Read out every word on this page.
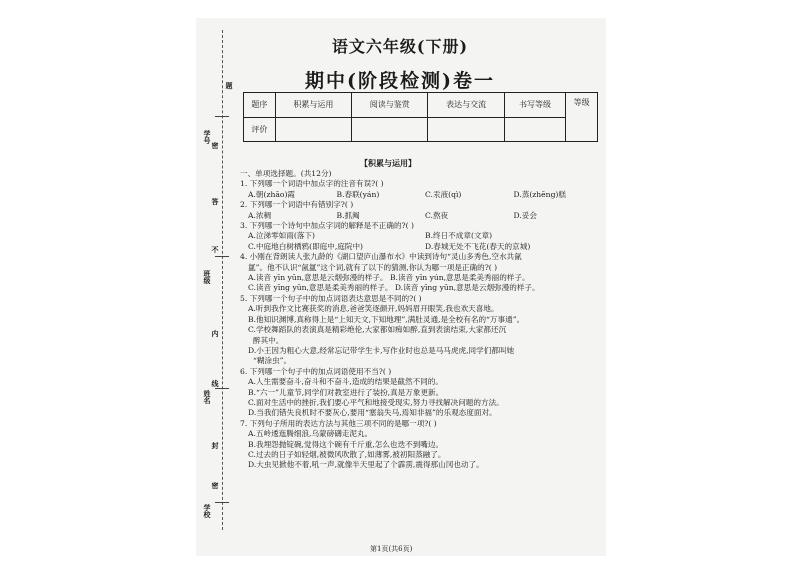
学号
班级
姓名
学校
题
密
答
不
内
线
封
密
语文六年级(下册)
期中(阶段检测)卷一
题序	积累与运用	阅读与鉴赏	表达与交流	书写等级	等级
评价					
【积累与运用】

一、单项选择题。(共12分)

1. 下列哪一个词语中加点字的注音有误?( )

A.朝(zhāo)霞	B.春联(yán)	C.汞液(qì)	D.蒸(zhēng)糕

2. 下列哪一个词语中有错别字?( )

A.浓稠	B.抓阄	C.熬夜	D.妥会

3. 下列哪一个诗句中加点字词的解释是不正确的?( )

A.泣涕零如雨(落下)	B.终日不成章(文章)

C.中庭地白树栖鸦(即庭中,庭院中)	D.春城无处不飞花(春天的京城)

4. 小刚在背朗读人张九龄的《湖口望庐山瀑布水》中读到诗句“灵山多秀色,空水共氤

氲”。他不认识“氤氲”这个词,就有了以下的猜测,你认为哪一项是正确的?( )

A.读音 yīn yūn,意思是云烟弥漫的样子。 B.读音 yīn yún,意思是柔美秀丽的样子。

C.读音 yīng yūn,意思是柔美秀丽的样子。 D.读音 yīng yūn,意思是云烟弥漫的样子。

5. 下列哪一个句子中的加点词语表达意思是不同的?( )

A.听到我作文比赛获奖的消息,爸爸笑逐颜开,妈妈眉开眼笑,我也欢天喜地。

B.他知识渊博,真称得上是“上知天文,下知地理”,满肚灵通,是全校有名的“万事通”。

C.学校舞蹈队的表演真是精彩绝伦,大家都如痴如醉,直到表演结束,大家都还沉

醉其中。

D.小王因为粗心大意,经常忘记带学生卡,写作业时也总是马马虎虎,同学们都叫她

“糊涂虫”。

6. 下列哪一个句子中的加点词语使用不当?( )

A.人生需要奋斗,奋斗和不奋斗,造成的结果是截然不同的。

B.“六一”儿童节,同学们对教室进行了装扮,真是万象更新。

C.面对生活中的挫折,我们要心平气和地接受现实,努力寻找解决问题的方法。

D.当我们错失良机时不要灰心,要用“塞翁失马,焉知非福”的乐观态度面对。

7. 下列句子所用的表达方法与其他三项不同的是哪一项?( )

A.五岭逶迤腾细浪,乌蒙磅礴走泥丸。

B.我埋怨抛锭碗,觉得这个碗有千斤重,怎么也迭不到嘴边。

C.过去的日子如轻烟,被微风吹散了,如薄雾,被初阳蒸融了。

D.大虫见掀他不着,吼一声,就像半天里起了个霹雳,震得那山冈也动了。

第1页(共6页)
